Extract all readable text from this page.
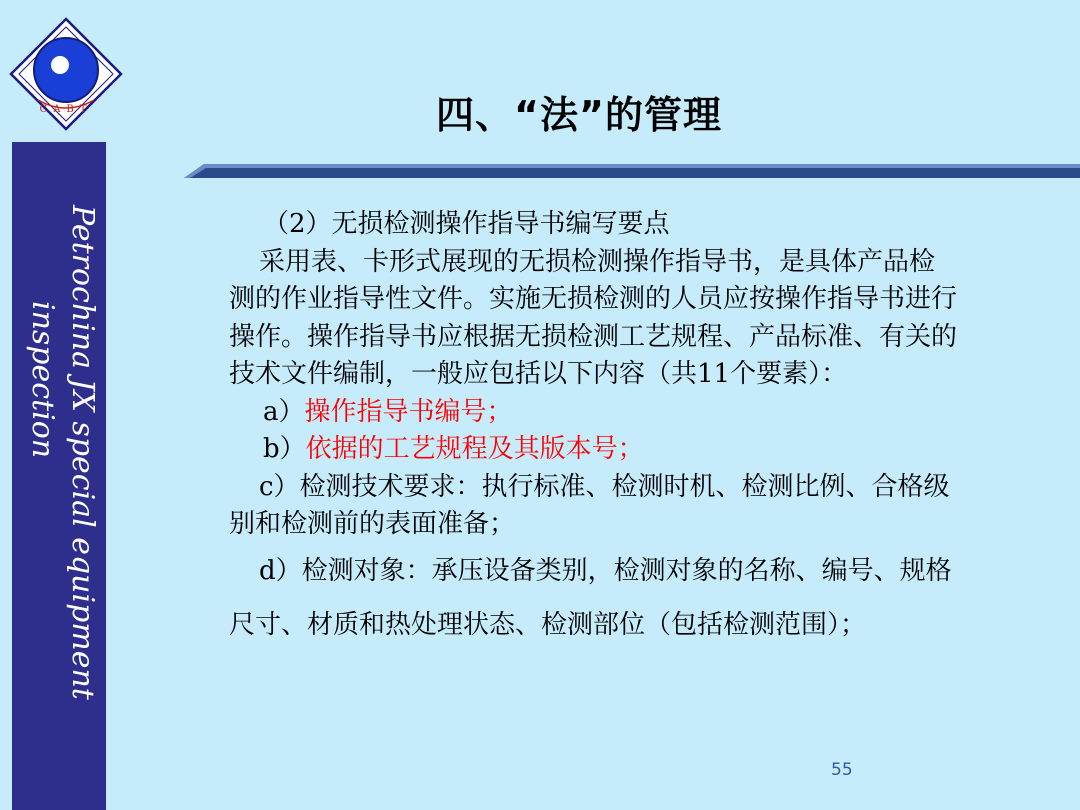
CABT
Petrochina JX special equipment
inspection
四、“法”的管理

（2）无损检测操作指导书编写要点

采用表、卡形式展现的无损检测操作指导书，是具体产品检测的作业指导性文件。实施无损检测的人员应按操作指导书进行操作。操作指导书应根据无损检测工艺规程、产品标准、有关的技术文件编制，一般应包括以下内容（共11个要素）：

a）操作指导书编号；

b）依据的工艺规程及其版本号；

c）检测技术要求：执行标准、检测时机、检测比例、合格级别和检测前的表面准备；

d）检测对象：承压设备类别，检测对象的名称、编号、规格尺寸、材质和热处理状态、检测部位（包括检测范围）；

55
